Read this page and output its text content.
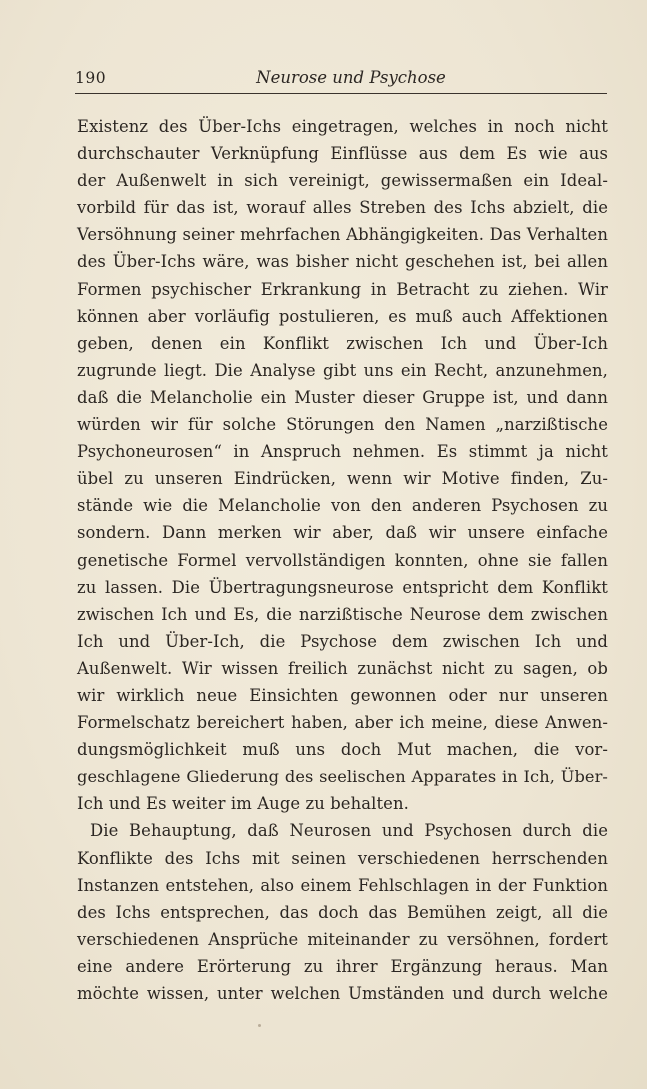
190	Neurose und Psychose
Existenz des Über-Ichs eingetragen, welches in noch nicht
durchschauter Verknüpfung Einflüsse aus dem Es wie aus
der Außenwelt in sich vereinigt, gewissermaßen ein Ideal-
vorbild für das ist, worauf alles Streben des Ichs abzielt, die
Versöhnung seiner mehrfachen Abhängigkeiten. Das Verhalten
des Über-Ichs wäre, was bisher nicht geschehen ist, bei allen
Formen psychischer Erkrankung in Betracht zu ziehen. Wir
können aber vorläufig postulieren, es muß auch Affektionen
geben, denen ein Konflikt zwischen Ich und Über-Ich
zugrunde liegt. Die Analyse gibt uns ein Recht, anzunehmen,
daß die Melancholie ein Muster dieser Gruppe ist, und dann
würden wir für solche Störungen den Namen „narzißtische
Psychoneurosen“ in Anspruch nehmen. Es stimmt ja nicht
übel zu unseren Eindrücken, wenn wir Motive finden, Zu-
stände wie die Melancholie von den anderen Psychosen zu
sondern. Dann merken wir aber, daß wir unsere einfache
genetische Formel vervollständigen konnten, ohne sie fallen
zu lassen. Die Übertragungsneurose entspricht dem Konflikt
zwischen Ich und Es, die narzißtische Neurose dem zwischen
Ich und Über-Ich, die Psychose dem zwischen Ich und
Außenwelt. Wir wissen freilich zunächst nicht zu sagen, ob
wir wirklich neue Einsichten gewonnen oder nur unseren
Formelschatz bereichert haben, aber ich meine, diese Anwen-
dungsmöglichkeit muß uns doch Mut machen, die vor-
geschlagene Gliederung des seelischen Apparates in Ich, Über-
Ich und Es weiter im Auge zu behalten.
Die Behauptung, daß Neurosen und Psychosen durch die
Konflikte des Ichs mit seinen verschiedenen herrschenden
Instanzen entstehen, also einem Fehlschlagen in der Funktion
des Ichs entsprechen, das doch das Bemühen zeigt, all die
verschiedenen Ansprüche miteinander zu versöhnen, fordert
eine andere Erörterung zu ihrer Ergänzung heraus. Man
möchte wissen, unter welchen Umständen und durch welche
